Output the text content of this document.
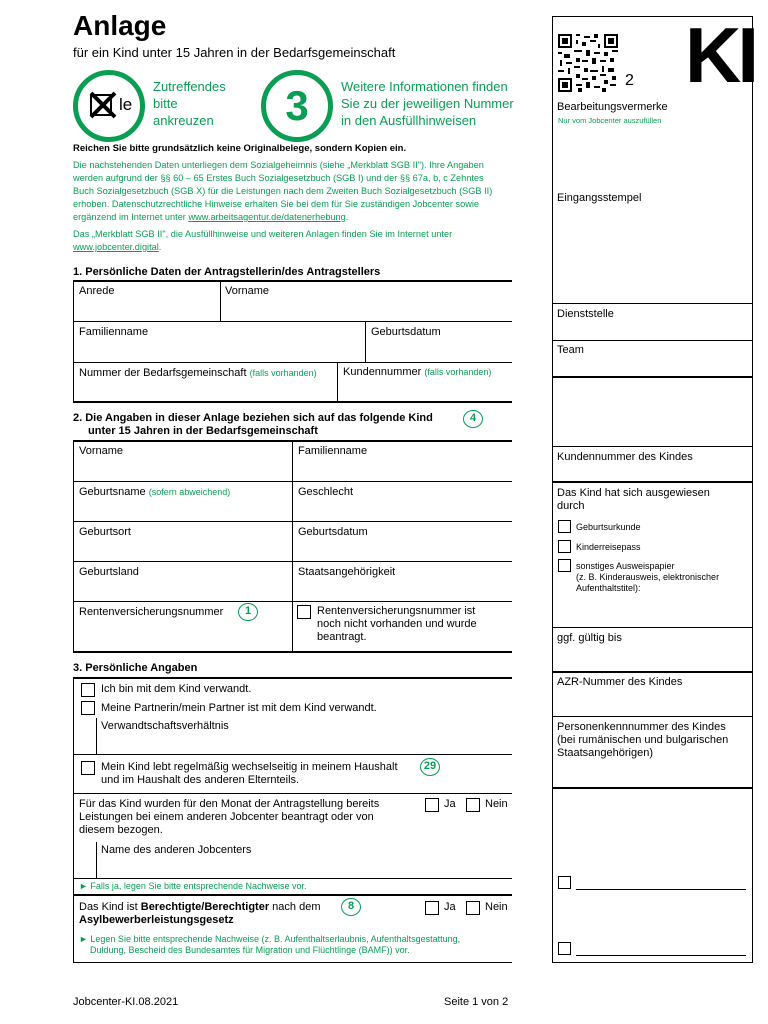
Anlage
für ein Kind unter 15 Jahren in der Bedarfsgemeinschaft
le
Zutreffendes
bitte
ankreuzen	3	Weitere Informationen finden
Sie zu der jeweiligen Nummer
in den Ausfüllhinweisen
Reichen Sie bitte grundsätzlich keine Originalbelege, sondern Kopien ein.
Die nachstehenden Daten unterliegen dem Sozialgeheimnis (siehe „Merkblatt SGB II"). Ihre Angaben
werden aufgrund der §§ 60 – 65 Erstes Buch Sozialgesetzbuch (SGB I) und der §§ 67a, b, c Zehntes
Buch Sozialgesetzbuch (SGB X) für die Leistungen nach dem Zweiten Buch Sozialgesetzbuch (SGB II)
erhoben. Datenschutzrechtliche Hinweise erhalten Sie bei dem für Sie zuständigen Jobcenter sowie
ergänzend im Internet unter www.arbeitsagentur.de/datenerhebung.
Das „Merkblatt SGB II", die Ausfüllhinweise und weiteren Anlagen finden Sie im Internet unter
www.jobcenter.digital.
1. Persönliche Daten der Antragstellerin/des Antragstellers
Anrede	Vorname
Familienname	Geburtsdatum
Nummer der Bedarfsgemeinschaft (falls vorhanden) Kundennummer (falls vorhanden)
2. Die Angaben in dieser Anlage beziehen sich auf das folgende Kind
unter 15 Jahren in der Bedarfsgemeinschaft
4
Vorname	Familienname
Geburtsname (sofern abweichend)	Geschlecht
Geburtsort	Geburtsdatum
Geburtsland	Staatsangehörigkeit
Rentenversicherungsnummer	1	Rentenversicherungsnummer ist
noch nicht vorhanden und wurde
beantragt.
3. Persönliche Angaben
Ich bin mit dem Kind verwandt.
Meine Partnerin/mein Partner ist mit dem Kind verwandt.
Verwandtschaftsverhältnis
Mein Kind lebt regelmäßig wechselseitig in meinem Haushalt
und im Haushalt des anderen Elternteils.
29
Für das Kind wurden für den Monat der Antragstellung bereits
Leistungen bei einem anderen Jobcenter beantragt oder von
diesem bezogen.
Ja	Nein
Name des anderen Jobcenters
► Falls ja, legen Sie bitte entsprechende Nachweise vor.
Das Kind ist Berechtigte/Berechtigter nach dem
Asylbewerberleistungsgesetz
8	Ja	Nein
► Legen Sie bitte entsprechende Nachweise (z. B. Aufenthaltserlaubnis, Aufenthaltsgestattung,
Duldung, Bescheid des Bundesamtes für Migration und Flüchtlinge (BAMF)) vor.
2 KI
Bearbeitungsvermerke
Nur vom Jobcenter auszufüllen
Eingangsstempel
Dienststelle
Team
Kundennummer des Kindes
Das Kind hat sich ausgewiesen
durch
Geburtsurkunde
Kinderreisepass
sonstiges Ausweispapier
(z. B. Kinderausweis, elektronischer
Aufenthaltstitel):
ggf. gültig bis
AZR-Nummer des Kindes
Personenkennnummer des Kindes
(bei rumänischen und bulgarischen
Staatsangehörigen)
Jobcenter-KI.08.2021	Seite 1 von 2
